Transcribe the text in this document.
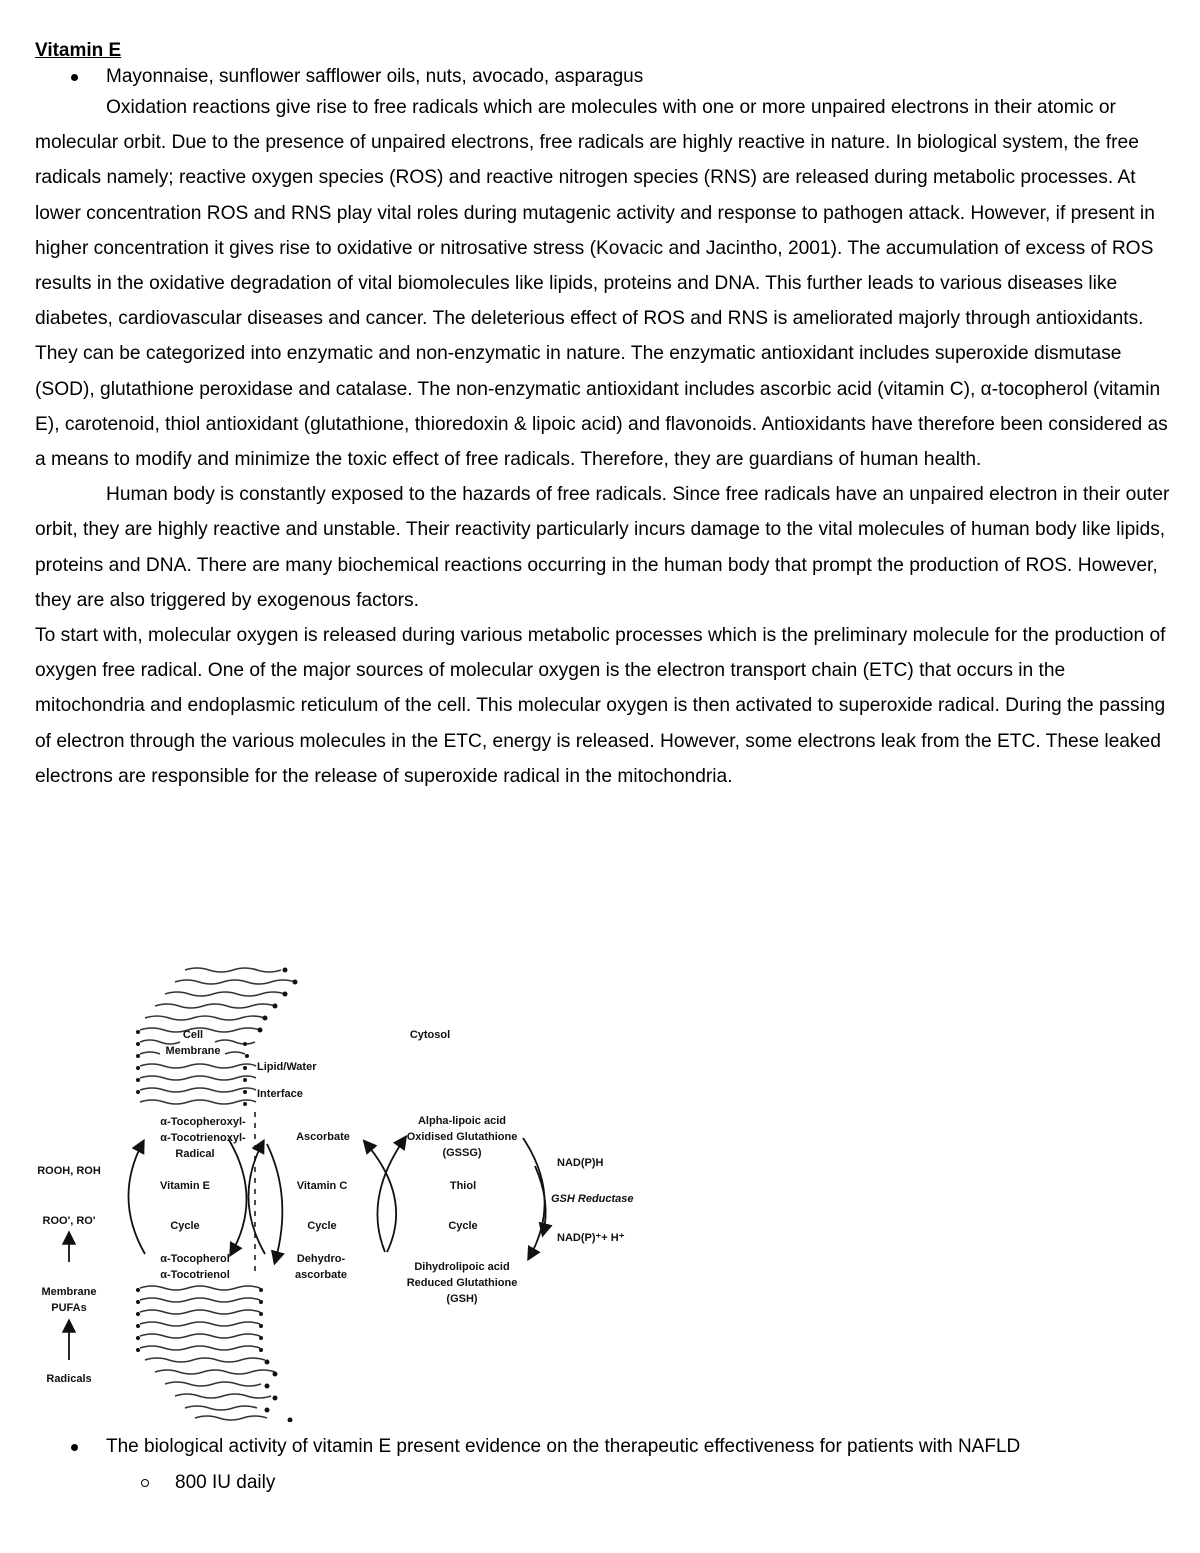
Vitamin E

Mayonnaise, sunflower safflower oils, nuts, avocado, asparagus

Oxidation reactions give rise to free radicals which are molecules with one or more unpaired electrons in their atomic or molecular orbit. Due to the presence of unpaired electrons, free radicals are highly reactive in nature. In biological system, the free radicals namely; reactive oxygen species (ROS) and reactive nitrogen species (RNS) are released during metabolic processes. At lower concentration ROS and RNS play vital roles during mutagenic activity and response to pathogen attack. However, if present in higher concentration it gives rise to oxidative or nitrosative stress (Kovacic and Jacintho, 2001). The accumulation of excess of ROS results in the oxidative degradation of vital biomolecules like lipids, proteins and DNA. This further leads to various diseases like diabetes, cardiovascular diseases and cancer. The deleterious effect of ROS and RNS is ameliorated majorly through antioxidants. They can be categorized into enzymatic and non-enzymatic in nature. The enzymatic antioxidant includes superoxide dismutase (SOD), glutathione peroxidase and catalase. The non-enzymatic antioxidant includes ascorbic acid (vitamin C), α-tocopherol (vitamin E), carotenoid, thiol antioxidant (glutathione, thioredoxin & lipoic acid) and flavonoids. Antioxidants have therefore been considered as a means to modify and minimize the toxic effect of free radicals. Therefore, they are guardians of human health.

Human body is constantly exposed to the hazards of free radicals. Since free radicals have an unpaired electron in their outer orbit, they are highly reactive and unstable. Their reactivity particularly incurs damage to the vital molecules of human body like lipids, proteins and DNA. There are many biochemical reactions occurring in the human body that prompt the production of ROS. However, they are also triggered by exogenous factors.

To start with, molecular oxygen is released during various metabolic processes which is the preliminary molecule for the production of oxygen free radical. One of the major sources of molecular oxygen is the electron transport chain (ETC) that occurs in the mitochondria and endoplasmic reticulum of the cell. This molecular oxygen is then activated to superoxide radical. During the passing of electron through the various molecules in the ETC, energy is released. However, some electrons leak from the ETC. These leaked electrons are responsible for the release of superoxide radical in the mitochondria.

Cell
Membrane
Cytosol
α-Tocopheroxyl-
α-Tocotrienoxyl-
Radical
Vitamin E
Cycle
α-Tocopherol
α-Tocotrienol
Ascorbate
Vitamin C
Cycle
Dehydro-
ascorbate
Alpha-lipoic acid
Oxidised Glutathione
(GSSG)
Thiol
Cycle
Dihydrolipoic acid
Reduced Glutathione
(GSH)
ROOH, ROH
ROO', RO'
Membrane
PUFAs
Radicals
Lipid/Water
Interface
NAD(P)H
GSH Reductase
NAD(P)⁺+ H⁺
The biological activity of vitamin E present evidence on the therapeutic effectiveness for patients with NAFLD
800 IU daily
